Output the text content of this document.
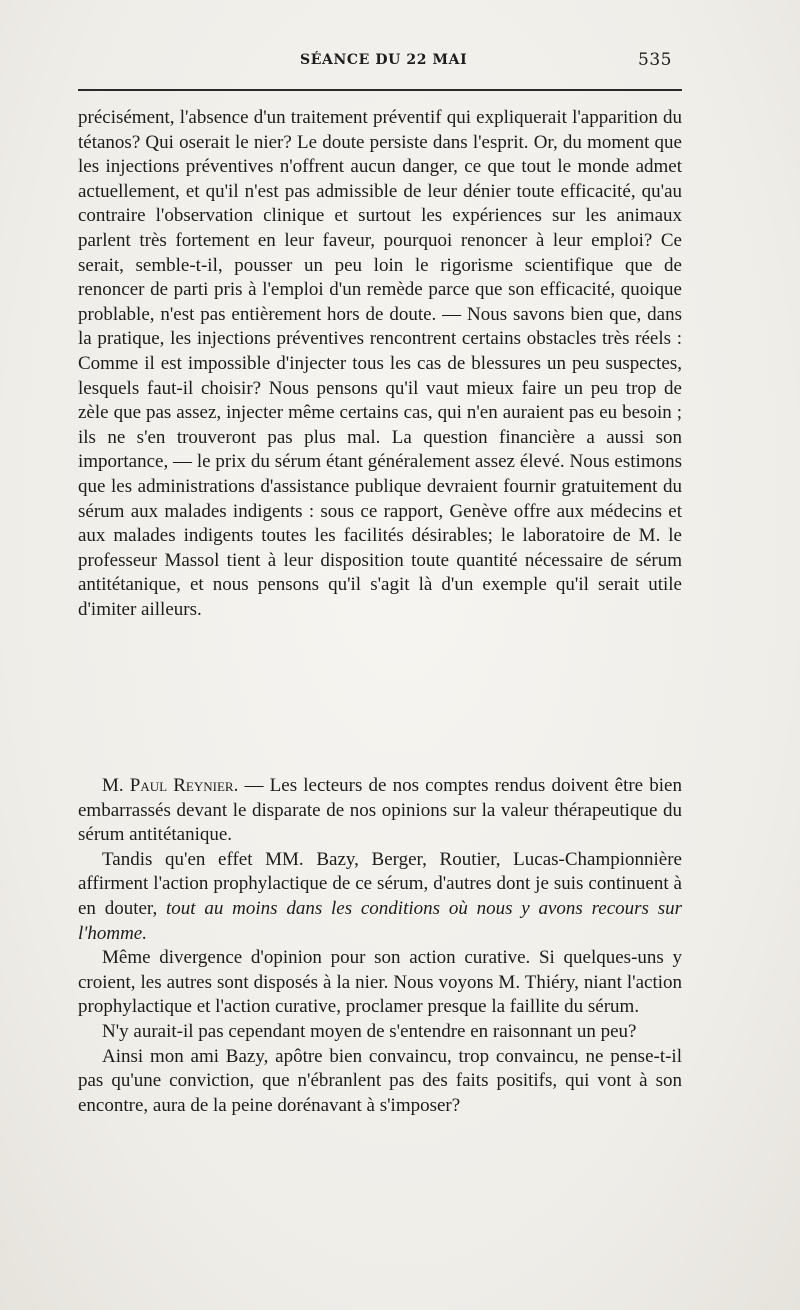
SÉANCE DU 22 MAI	535

précisément, l'absence d'un traitement préventif qui expliquerait l'apparition du tétanos? Qui oserait le nier? Le doute persiste dans l'esprit. Or, du moment que les injections préventives n'offrent aucun danger, ce que tout le monde admet actuellement, et qu'il n'est pas admissible de leur dénier toute efficacité, qu'au contraire l'observation clinique et surtout les expériences sur les animaux parlent très fortement en leur faveur, pourquoi renoncer à leur emploi? Ce serait, semble-t-il, pousser un peu loin le rigorisme scientifique que de renoncer de parti pris à l'emploi d'un remède parce que son efficacité, quoique problable, n'est pas entièrement hors de doute. — Nous savons bien que, dans la pratique, les injections préventives rencontrent certains obstacles très réels : Comme il est impossible d'injecter tous les cas de blessures un peu suspectes, lesquels faut-il choisir? Nous pensons qu'il vaut mieux faire un peu trop de zèle que pas assez, injecter même certains cas, qui n'en auraient pas eu besoin ; ils ne s'en trouveront pas plus mal. La question financière a aussi son importance, — le prix du sérum étant généralement assez élevé. Nous estimons que les administrations d'assistance publique devraient fournir gratuitement du sérum aux malades indigents : sous ce rapport, Genève offre aux médecins et aux malades indigents toutes les facilités désirables; le laboratoire de M. le professeur Massol tient à leur disposition toute quantité nécessaire de sérum antitétanique, et nous pensons qu'il s'agit là d'un exemple qu'il serait utile d'imiter ailleurs.

M. Paul Reynier. — Les lecteurs de nos comptes rendus doivent être bien embarrassés devant le disparate de nos opinions sur la valeur thérapeutique du sérum antitétanique.

Tandis qu'en effet MM. Bazy, Berger, Routier, Lucas-Championnière affirment l'action prophylactique de ce sérum, d'autres dont je suis continuent à en douter, tout au moins dans les conditions où nous y avons recours sur l'homme.

Même divergence d'opinion pour son action curative. Si quelques-uns y croient, les autres sont disposés à la nier. Nous voyons M. Thiéry, niant l'action prophylactique et l'action curative, proclamer presque la faillite du sérum.

N'y aurait-il pas cependant moyen de s'entendre en raisonnant un peu?

Ainsi mon ami Bazy, apôtre bien convaincu, trop convaincu, ne pense-t-il pas qu'une conviction, que n'ébranlent pas des faits positifs, qui vont à son encontre, aura de la peine dorénavant à s'imposer?
